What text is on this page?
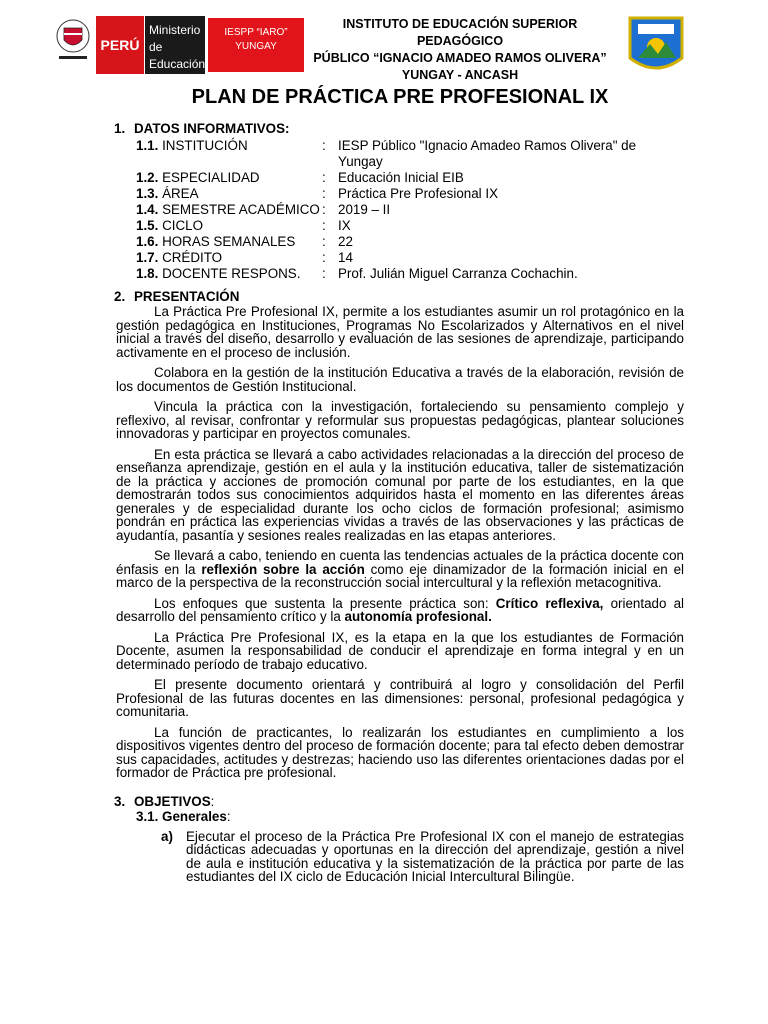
PERÚ
Ministerio de Educación
IESPP “IARO” YUNGAY
INSTITUTO DE EDUCACIÓN SUPERIOR PEDAGÓGICO
PÚBLICO “IGNACIO AMADEO RAMOS OLIVERA”
YUNGAY - ANCASH
PLAN DE PRÁCTICA PRE PROFESIONAL IX
1. DATOS INFORMATIVOS:
1.1. INSTITUCIÓN	: IESP Público "Ignacio Amadeo Ramos Olivera" de Yungay
1.2. ESPECIALIDAD	: Educación Inicial EIB
1.3. ÁREA	: Práctica Pre Profesional IX
1.4. SEMESTRE ACADÉMICO : 2019 – II
1.5. CICLO	: IX
1.6. HORAS SEMANALES	: 22
1.7. CRÉDITO	: 14
1.8. DOCENTE RESPONS.	: Prof. Julián Miguel Carranza Cochachin.
2. PRESENTACIÓN

La Práctica Pre Profesional IX, permite a los estudiantes asumir un rol protagónico en la gestión pedagógica en Instituciones, Programas No Escolarizados y Alternativos en el nivel inicial a través del diseño, desarrollo y evaluación de las sesiones de aprendizaje, participando activamente en el proceso de inclusión.

Colabora en la gestión de la institución Educativa a través de la elaboración, revisión de los documentos de Gestión Institucional.

Vincula la práctica con la investigación, fortaleciendo su pensamiento complejo y reflexivo, al revisar, confrontar y reformular sus propuestas pedagógicas, plantear soluciones innovadoras y participar en proyectos comunales.

En esta práctica se llevará a cabo actividades relacionadas a la dirección del proceso de enseñanza aprendizaje, gestión en el aula y la institución educativa, taller de sistematización de la práctica y acciones de promoción comunal por parte de los estudiantes, en la que demostrarán todos sus conocimientos adquiridos hasta el momento en las diferentes áreas generales y de especialidad durante los ocho ciclos de formación profesional; asimismo pondrán en práctica las experiencias vividas a través de las observaciones y las prácticas de ayudantía, pasantía y sesiones reales realizadas en las etapas anteriores.

Se llevará a cabo, teniendo en cuenta las tendencias actuales de la práctica docente con énfasis en la reflexión sobre la acción como eje dinamizador de la formación inicial en el marco de la perspectiva de la reconstrucción social intercultural y la reflexión metacognitiva.

Los enfoques que sustenta la presente práctica son: Crítico reflexiva, orientado al desarrollo del pensamiento crítico y la autonomía profesional.

La Práctica Pre Profesional IX, es la etapa en la que los estudiantes de Formación Docente, asumen la responsabilidad de conducir el aprendizaje en forma integral y en un determinado período de trabajo educativo.

El presente documento orientará y contribuirá al logro y consolidación del Perfil Profesional de las futuras docentes en las dimensiones: personal, profesional pedagógica y comunitaria.

La función de practicantes, lo realizarán los estudiantes en cumplimiento a los dispositivos vigentes dentro del proceso de formación docente; para tal efecto deben demostrar sus capacidades, actitudes y destrezas; haciendo uso las diferentes orientaciones dadas por el formador de Práctica pre profesional.

3. OBJETIVOS:
3.1. Generales:
a) Ejecutar el proceso de la Práctica Pre Profesional IX con el manejo de estrategias didácticas adecuadas y oportunas en la dirección del aprendizaje, gestión a nivel de aula e institución educativa y la sistematización de la práctica por parte de las estudiantes del IX ciclo de Educación Inicial Intercultural Bilingüe.
